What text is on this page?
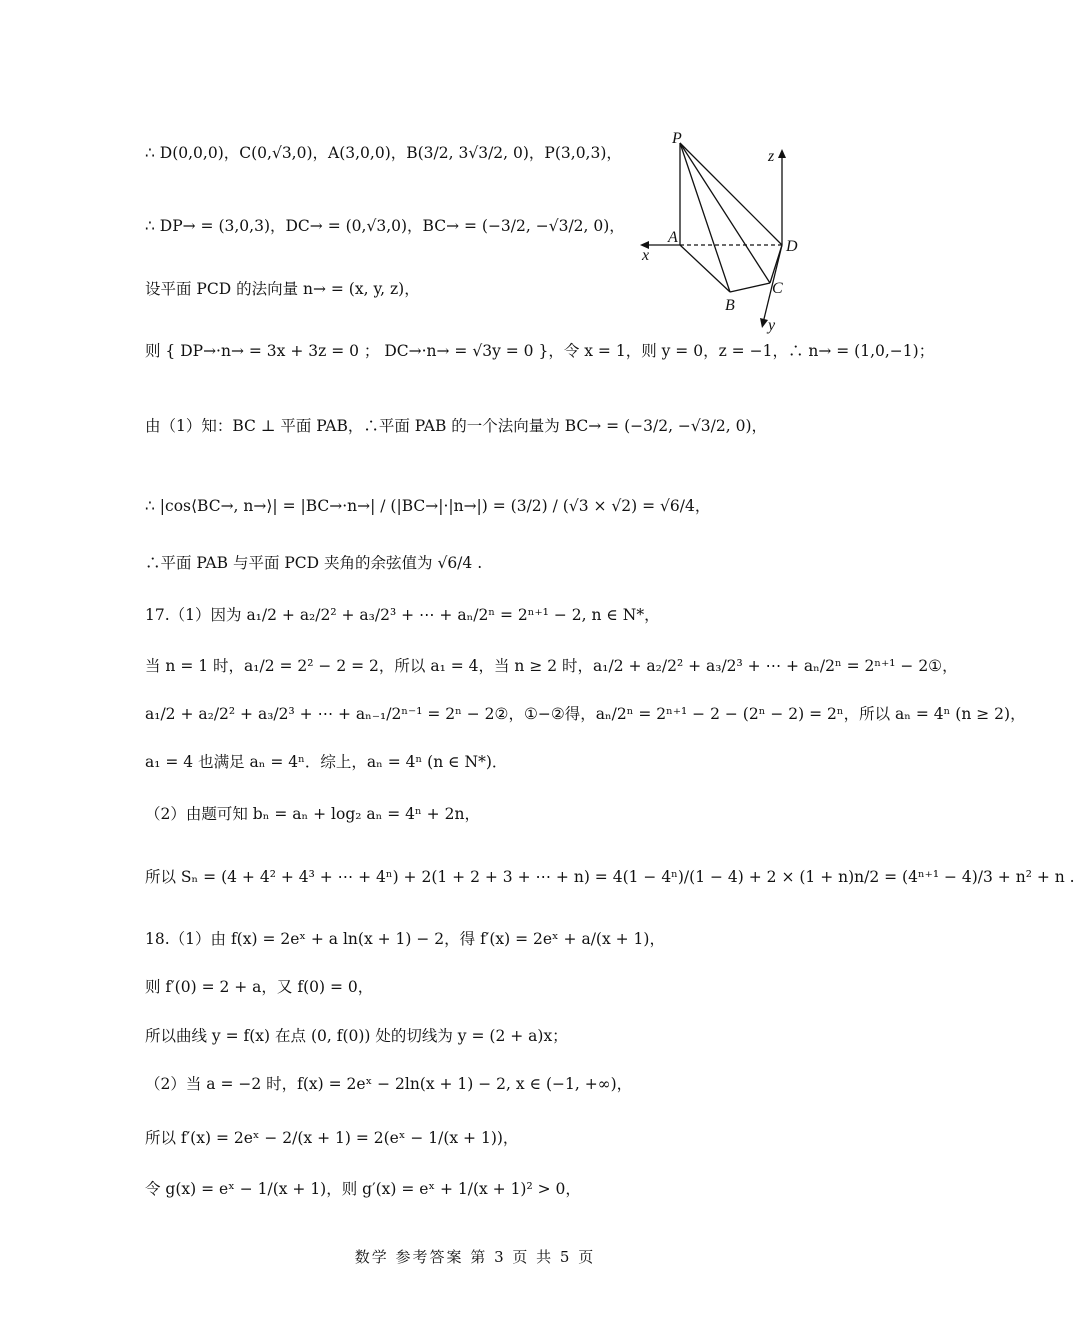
∴ D(0,0,0)，C(0,√3,0)，A(3,0,0)，B(3/2, 3√3/2, 0)，P(3,0,3)，
∴ DP→ = (3,0,3)，DC→ = (0,√3,0)，BC→ = (−3/2, −√3/2, 0)，
设平面 PCD 的法向量 n→ = (x, y, z)，
则 { DP→·n→ = 3x + 3z = 0 ； DC→·n→ = √3y = 0 }，令 x = 1，则 y = 0，z = −1，∴ n→ = (1,0,−1)；
由（1）知：BC ⊥ 平面 PAB，∴平面 PAB 的一个法向量为 BC→ = (−3/2, −√3/2, 0)，
∴ |cos⟨BC→, n→⟩| = |BC→·n→| / (|BC→|·|n→|) = (3/2) / (√3 × √2) = √6/4，
∴平面 PAB 与平面 PCD 夹角的余弦值为 √6/4 .
17.（1）因为 a₁/2 + a₂/2² + a₃/2³ + ⋯ + aₙ/2ⁿ = 2ⁿ⁺¹ − 2, n ∈ N*，
当 n = 1 时，a₁/2 = 2² − 2 = 2，所以 a₁ = 4，当 n ≥ 2 时，a₁/2 + a₂/2² + a₃/2³ + ⋯ + aₙ/2ⁿ = 2ⁿ⁺¹ − 2①，
a₁/2 + a₂/2² + a₃/2³ + ⋯ + aₙ₋₁/2ⁿ⁻¹ = 2ⁿ − 2②，①−②得，aₙ/2ⁿ = 2ⁿ⁺¹ − 2 − (2ⁿ − 2) = 2ⁿ，所以 aₙ = 4ⁿ (n ≥ 2)，
a₁ = 4 也满足 aₙ = 4ⁿ．综上，aₙ = 4ⁿ (n ∈ N*)．
（2）由题可知 bₙ = aₙ + log₂ aₙ = 4ⁿ + 2n，
所以 Sₙ = (4 + 4² + 4³ + ⋯ + 4ⁿ) + 2(1 + 2 + 3 + ⋯ + n) = 4(1 − 4ⁿ)/(1 − 4) + 2 × (1 + n)n/2 = (4ⁿ⁺¹ − 4)/3 + n² + n .
18.（1）由 f(x) = 2eˣ + a ln(x + 1) − 2，得 f′(x) = 2eˣ + a/(x + 1)，
则 f′(0) = 2 + a，又 f(0) = 0，
所以曲线 y = f(x) 在点 (0, f(0)) 处的切线为 y = (2 + a)x；
（2）当 a = −2 时，f(x) = 2eˣ − 2ln(x + 1) − 2, x ∈ (−1, +∞)，
所以 f′(x) = 2eˣ − 2/(x + 1) = 2(eˣ − 1/(x + 1))，
令 g(x) = eˣ − 1/(x + 1)，则 g′(x) = eˣ + 1/(x + 1)² > 0，
P
A
D
B
C
x
y
z
数学 参考答案 第 3 页 共 5 页
